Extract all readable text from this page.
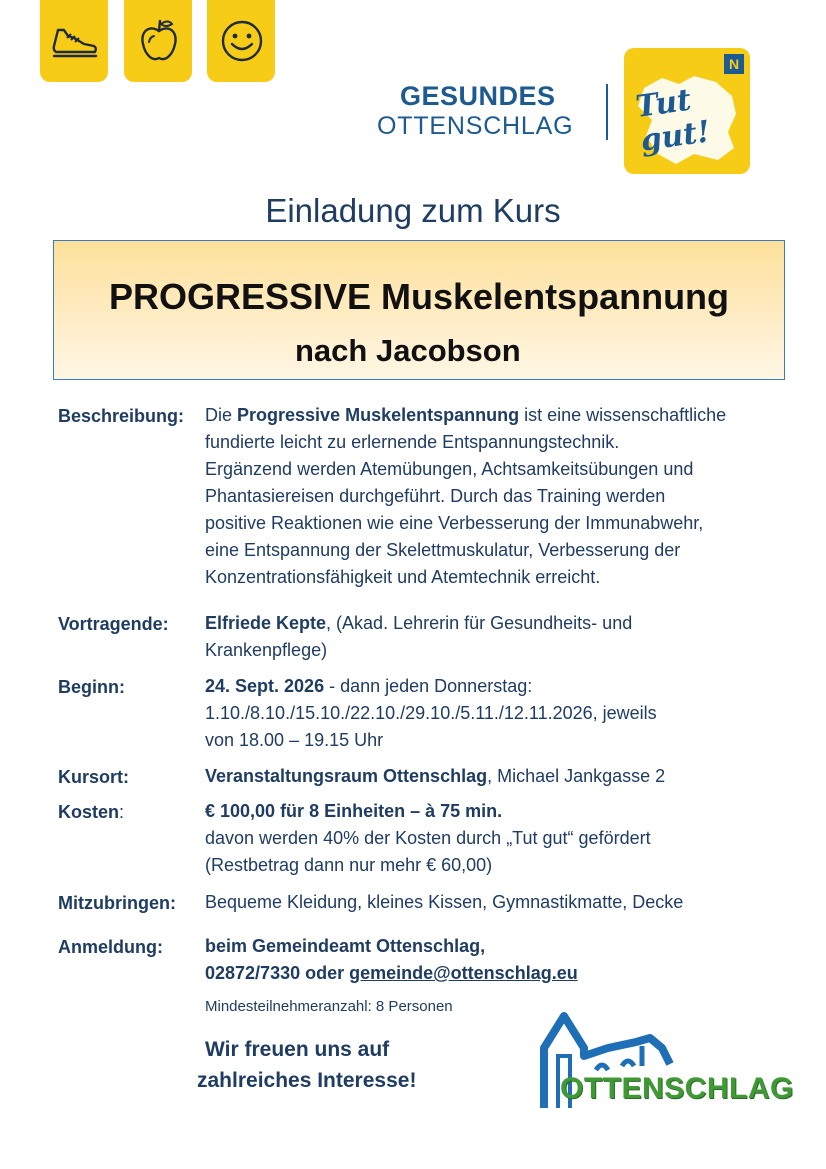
GESUNDES
OTTENSCHLAG
Tut gut!
N
Einladung zum Kurs
PROGRESSIVE Muskelentspannung
nach Jacobson
Beschreibung: Die Progressive Muskelentspannung ist eine wissenschaftliche
fundierte leicht zu erlernende Entspannungstechnik.
Ergänzend werden Atemübungen, Achtsamkeitsübungen und
Phantasiereisen durchgeführt. Durch das Training werden
positive Reaktionen wie eine Verbesserung der Immunabwehr,
eine Entspannung der Skelettmuskulatur, Verbesserung der
Konzentrationsfähigkeit und Atemtechnik erreicht.
Vortragende: Elfriede Kepte, (Akad. Lehrerin für Gesundheits- und
Krankenpflege)
Beginn:	24. Sept. 2026 - dann jeden Donnerstag:
1.10./8.10./15.10./22.10./29.10./5.11./12.11.2026, jeweils
von 18.00 – 19.15 Uhr
Kursort:	Veranstaltungsraum Ottenschlag, Michael Jankgasse 2
Kosten:	€ 100,00 für 8 Einheiten – à 75 min.
davon werden 40% der Kosten durch „Tut gut“ gefördert
(Restbetrag dann nur mehr € 60,00)
Mitzubringen: Bequeme Kleidung, kleines Kissen, Gymnastikmatte, Decke
Anmeldung: beim Gemeindeamt Ottenschlag,
02872/7330 oder gemeinde@ottenschlag.eu
Mindesteilnehmeranzahl: 8 Personen
Wir freuen uns auf
zahlreiches Interesse!	OTTENSCHLAG
